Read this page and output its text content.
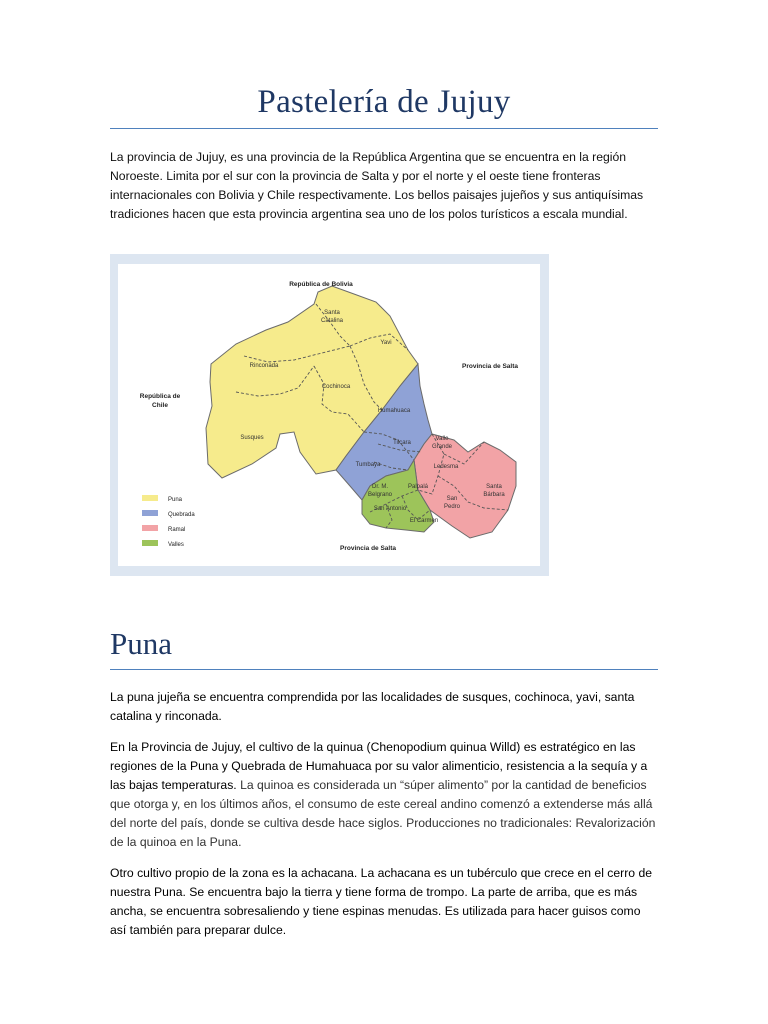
Pastelería de Jujuy

La provincia de Jujuy, es una provincia de la República Argentina que se encuentra en la región Noroeste. Limita por el sur con la provincia de Salta y por el norte y el oeste tiene fronteras internacionales con Bolivia y Chile respectivamente. Los bellos paisajes jujeños y sus antiquísimas tradiciones hacen que esta provincia argentina sea uno de los polos turísticos a escala mundial.

República de Bolivia
Provincia de Salta
República de
Chile
Provincia de Salta
Santa
Catalina
Yavi
Rinconada
Cochinoca
Susques
Humahuaca
Tilcara
Tumbaya
Valle
Grande
Ledesma
Santa
Bárbara
Dr. M.
Belgrano
Palpalá
San Antonio
El Carmen
San
Pedro
Puna
Quebrada
Ramal
Valles
Puna

La puna jujeña se encuentra comprendida por las localidades de susques, cochinoca, yavi, santa catalina y rinconada.

En la Provincia de Jujuy, el cultivo de la quinua (Chenopodium quinua Willd) es estratégico en las regiones de la Puna y Quebrada de Humahuaca por su valor alimenticio, resistencia a la sequía y a las bajas temperaturas. La quinoa es considerada un “súper alimento” por la cantidad de beneficios que otorga y, en los últimos años, el consumo de este cereal andino comenzó a extenderse más allá del norte del país, donde se cultiva desde hace siglos. Producciones no tradicionales: Revalorización de la quinoa en la Puna.

Otro cultivo propio de la zona es la achacana. La achacana es un tubérculo que crece en el cerro de nuestra Puna. Se encuentra bajo la tierra y tiene forma de trompo. La parte de arriba, que es más ancha, se encuentra sobresaliendo y tiene espinas menudas. Es utilizada para hacer guisos como así también para preparar dulce.
